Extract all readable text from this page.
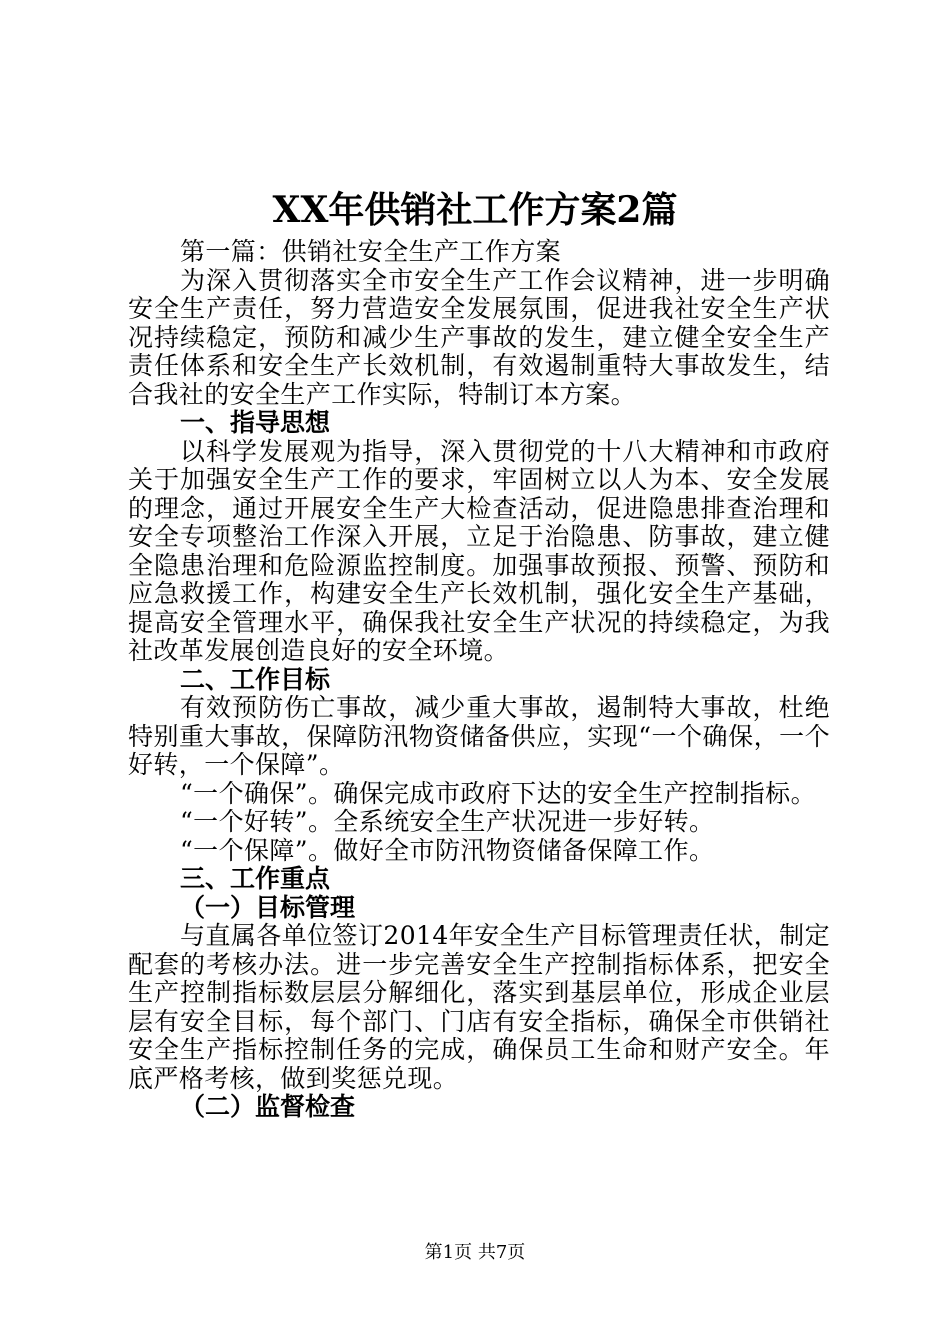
XX年供销社工作方案2篇

第一篇：供销社安全生产工作方案

为深入贯彻落实全市安全生产工作会议精神，进一步明确安全生产责任，努力营造安全发展氛围，促进我社安全生产状况持续稳定，预防和减少生产事故的发生，建立健全安全生产责任体系和安全生产长效机制，有效遏制重特大事故发生，结合我社的安全生产工作实际，特制订本方案。

一、指导思想

以科学发展观为指导，深入贯彻党的十八大精神和市政府关于加强安全生产工作的要求，牢固树立以人为本、安全发展的理念，通过开展安全生产大检查活动，促进隐患排查治理和安全专项整治工作深入开展，立足于治隐患、防事故，建立健全隐患治理和危险源监控制度。加强事故预报、预警、预防和应急救援工作，构建安全生产长效机制，强化安全生产基础，提高安全管理水平，确保我社安全生产状况的持续稳定，为我社改革发展创造良好的安全环境。

二、工作目标

有效预防伤亡事故，减少重大事故，遏制特大事故，杜绝特别重大事故，保障防汛物资储备供应，实现“一个确保，一个好转，一个保障”。

“一个确保”。确保完成市政府下达的安全生产控制指标。

“一个好转”。全系统安全生产状况进一步好转。

“一个保障”。做好全市防汛物资储备保障工作。

三、工作重点

（一）目标管理

与直属各单位签订2014年安全生产目标管理责任状，制定配套的考核办法。进一步完善安全生产控制指标体系，把安全生产控制指标数层层分解细化，落实到基层单位，形成企业层层有安全目标，每个部门、门店有安全指标，确保全市供销社安全生产指标控制任务的完成，确保员工生命和财产安全。年底严格考核，做到奖惩兑现。

（二）监督检查

第1页 共7页
